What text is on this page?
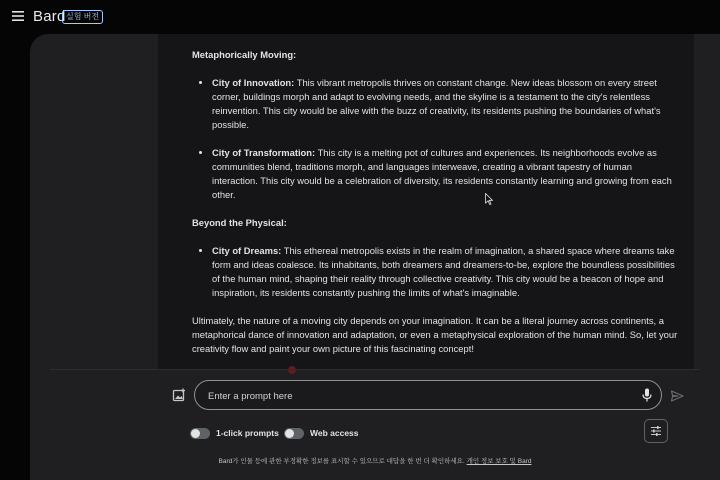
Bard 실험 버전

Metaphorically Moving:

• City of Innovation: This vibrant metropolis thrives on constant change. New ideas blossom on every street corner, buildings morph and adapt to evolving needs, and the skyline is a testament to the city's relentless reinvention. This city would be alive with the buzz of creativity, its residents pushing the boundaries of what's possible.
• City of Transformation: This city is a melting pot of cultures and experiences. Its neighborhoods evolve as communities blend, traditions morph, and languages interweave, creating a vibrant tapestry of human interaction. This city would be a celebration of diversity, its residents constantly learning and growing from each other.

Beyond the Physical:

• City of Dreams: This ethereal metropolis exists in the realm of imagination, a shared space where dreams take form and ideas coalesce. Its inhabitants, both dreamers and dreamers-to-be, explore the boundless possibilities of the human mind, shaping their reality through collective creativity. This city would be a beacon of hope and inspiration, its residents constantly pushing the limits of what's imaginable.

Ultimately, the nature of a moving city depends on your imagination. It can be a literal journey across continents, a metaphorical dance of innovation and adaptation, or even a metaphysical exploration of the human mind. So, let your creativity flow and paint your own picture of this fascinating concept!

Enter a prompt here
1-click prompts	Web access
Bard가 인물 등에 관한 부정확한 정보를 표시할 수 있으므로 대답을 한 번 더 확인하세요. 개인 정보 보호 및 Bard
